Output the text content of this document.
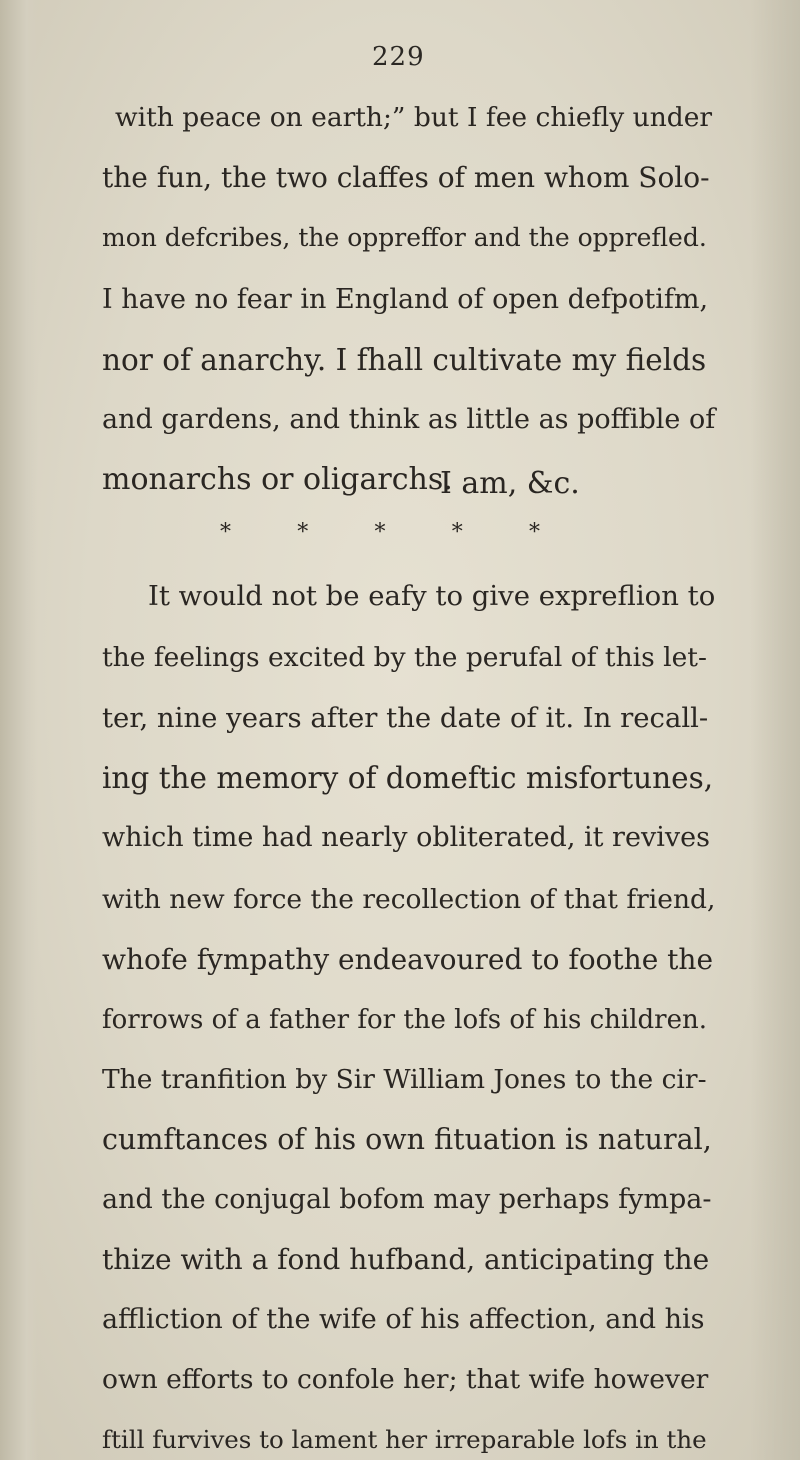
229
with peace on earth;” but I fee chiefly under
the fun, the two claffes of men whom Solo-
mon defcribes, the oppreffor and the opprefled.
I have no fear in England of open defpotifm,
nor of anarchy. I fhall cultivate my fields
and gardens, and think as little as poffible of
monarchs or oligarchs.
I am, &c.
*	*	*	*	*
It would not be eafy to give expreflion to
the feelings excited by the perufal of this let-
ter, nine years after the date of it. In recall-
ing the memory of domeftic misfortunes,
which time had nearly obliterated, it revives
with new force the recollection of that friend,
whofe fympathy endeavoured to foothe the
forrows of a father for the lofs of his children.
The tranfition by Sir William Jones to the cir-
cumftances of his own fituation is natural,
and the conjugal bofom may perhaps fympa-
thize with a fond hufband, anticipating the
affliction of the wife of his affection, and his
own efforts to confole her; that wife however
ftill furvives to lament her irreparable lofs in the
